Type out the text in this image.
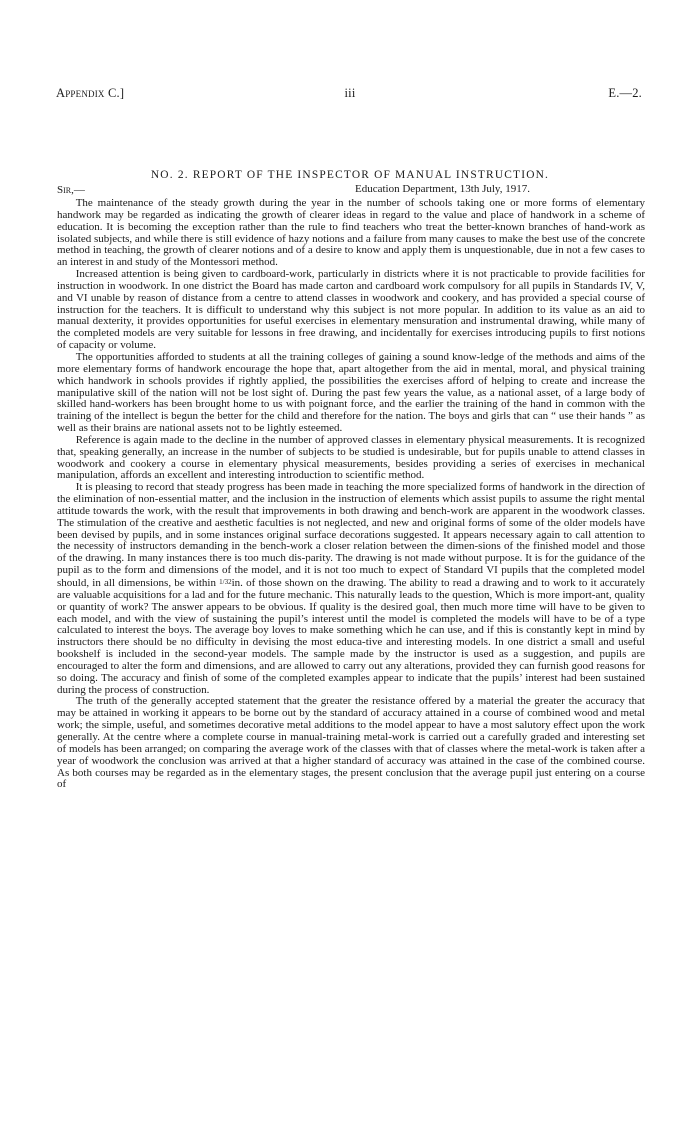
Appendix C.]	iii	E.—2.
NO. 2. REPORT OF THE INSPECTOR OF MANUAL INSTRUCTION.
Sir,—	Education Department, 13th July, 1917.

The maintenance of the steady growth during the year in the number of schools taking one or more forms of elementary handwork may be regarded as indicating the growth of clearer ideas in regard to the value and place of handwork in a scheme of education. It is becoming the exception rather than the rule to find teachers who treat the better-known branches of hand-work as isolated subjects, and while there is still evidence of hazy notions and a failure from many causes to make the best use of the concrete method in teaching, the growth of clearer notions and of a desire to know and apply them is unquestionable, due in not a few cases to an interest in and study of the Montessori method.

Increased attention is being given to cardboard-work, particularly in districts where it is not practicable to provide facilities for instruction in woodwork. In one district the Board has made carton and cardboard work compulsory for all pupils in Standards IV, V, and VI unable by reason of distance from a centre to attend classes in woodwork and cookery, and has provided a special course of instruction for the teachers. It is difficult to understand why this subject is not more popular. In addition to its value as an aid to manual dexterity, it provides opportunities for useful exercises in elementary mensuration and instrumental drawing, while many of the completed models are very suitable for lessons in free drawing, and incidentally for exercises introducing pupils to first notions of capacity or volume.

The opportunities afforded to students at all the training colleges of gaining a sound know-ledge of the methods and aims of the more elementary forms of handwork encourage the hope that, apart altogether from the aid in mental, moral, and physical training which handwork in schools provides if rightly applied, the possibilities the exercises afford of helping to create and increase the manipulative skill of the nation will not be lost sight of. During the past few years the value, as a national asset, of a large body of skilled hand-workers has been brought home to us with poignant force, and the earlier the training of the hand in common with the training of the intellect is begun the better for the child and therefore for the nation. The boys and girls that can “ use their hands ” as well as their brains are national assets not to be lightly esteemed.

Reference is again made to the decline in the number of approved classes in elementary physical measurements. It is recognized that, speaking generally, an increase in the number of subjects to be studied is undesirable, but for pupils unable to attend classes in woodwork and cookery a course in elementary physical measurements, besides providing a series of exercises in mechanical manipulation, affords an excellent and interesting introduction to scientific method.

It is pleasing to record that steady progress has been made in teaching the more specialized forms of handwork in the direction of the elimination of non-essential matter, and the inclusion in the instruction of elements which assist pupils to assume the right mental attitude towards the work, with the result that improvements in both drawing and bench-work are apparent in the woodwork classes. The stimulation of the creative and aesthetic faculties is not neglected, and new and original forms of some of the older models have been devised by pupils, and in some instances original surface decorations suggested. It appears necessary again to call attention to the necessity of instructors demanding in the bench-work a closer relation between the dimen-sions of the finished model and those of the drawing. In many instances there is too much dis-parity. The drawing is not made without purpose. It is for the guidance of the pupil as to the form and dimensions of the model, and it is not too much to expect of Standard VI pupils that the completed model should, in all dimensions, be within 1/32in. of those shown on the drawing. The ability to read a drawing and to work to it accurately are valuable acquisitions for a lad and for the future mechanic. This naturally leads to the question, Which is more import-ant, quality or quantity of work? The answer appears to be obvious. If quality is the desired goal, then much more time will have to be given to each model, and with the view of sustaining the pupil’s interest until the model is completed the models will have to be of a type calculated to interest the boys. The average boy loves to make something which he can use, and if this is constantly kept in mind by instructors there should be no difficulty in devising the most educa-tive and interesting models. In one district a small and useful bookshelf is included in the second-year models. The sample made by the instructor is used as a suggestion, and pupils are encouraged to alter the form and dimensions, and are allowed to carry out any alterations, provided they can furnish good reasons for so doing. The accuracy and finish of some of the completed examples appear to indicate that the pupils’ interest had been sustained during the process of construction.

The truth of the generally accepted statement that the greater the resistance offered by a material the greater the accuracy that may be attained in working it appears to be borne out by the standard of accuracy attained in a course of combined wood and metal work; the simple, useful, and sometimes decorative metal additions to the model appear to have a most salutory effect upon the work generally. At the centre where a complete course in manual-training metal-work is carried out a carefully graded and interesting set of models has been arranged; on comparing the average work of the classes with that of classes where the metal-work is taken after a year of woodwork the conclusion was arrived at that a higher standard of accuracy was attained in the case of the combined course. As both courses may be regarded as in the elementary stages, the present conclusion that the average pupil just entering on a course of
